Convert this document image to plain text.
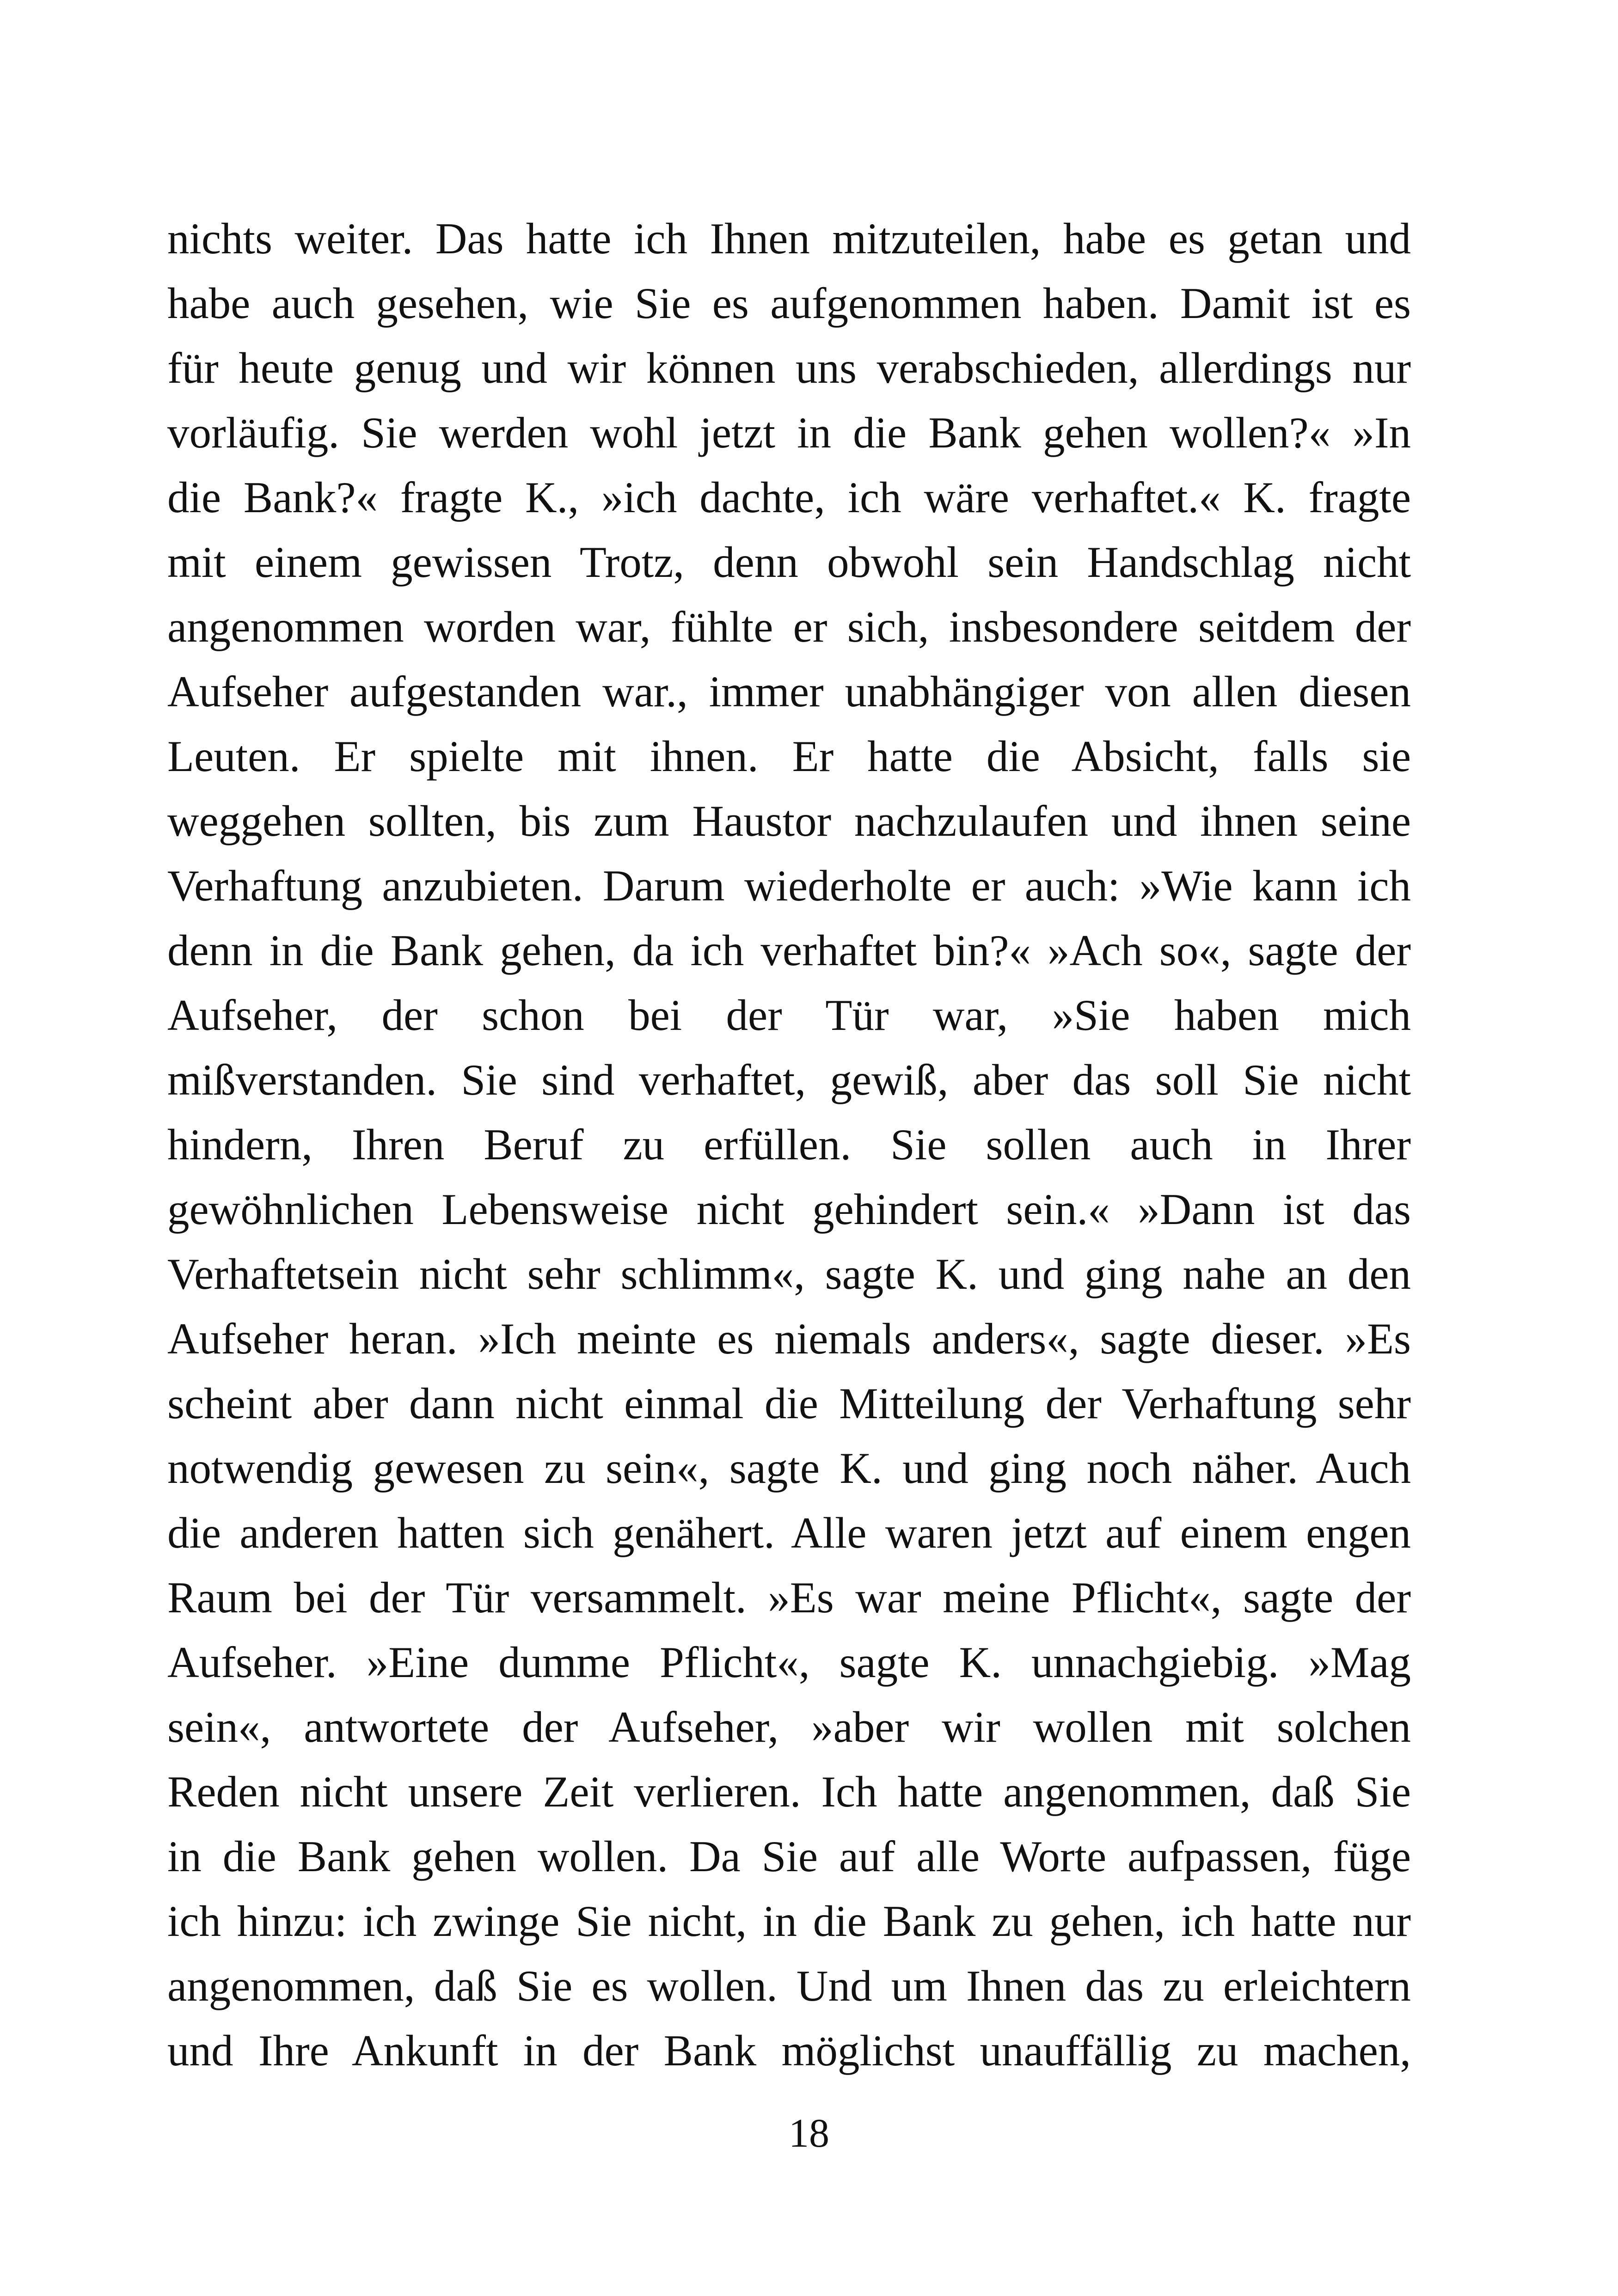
nichts weiter. Das hatte ich Ihnen mitzuteilen, habe es getan und
habe auch gesehen, wie Sie es aufgenommen haben. Damit ist es
für heute genug und wir können uns verabschieden, allerdings nur
vorläufig. Sie werden wohl jetzt in die Bank gehen wollen?« »In
die Bank?« fragte K., »ich dachte, ich wäre verhaftet.« K. fragte
mit einem gewissen Trotz, denn obwohl sein Handschlag nicht
angenommen worden war, fühlte er sich, insbesondere seitdem der
Aufseher aufgestanden war., immer unabhängiger von allen diesen
Leuten. Er spielte mit ihnen. Er hatte die Absicht, falls sie
weggehen sollten, bis zum Haustor nachzulaufen und ihnen seine
Verhaftung anzubieten. Darum wiederholte er auch: »Wie kann ich
denn in die Bank gehen, da ich verhaftet bin?« »Ach so«, sagte der
Aufseher, der schon bei der Tür war, »Sie haben mich
mißverstanden. Sie sind verhaftet, gewiß, aber das soll Sie nicht
hindern, Ihren Beruf zu erfüllen. Sie sollen auch in Ihrer
gewöhnlichen Lebensweise nicht gehindert sein.« »Dann ist das
Verhaftetsein nicht sehr schlimm«, sagte K. und ging nahe an den
Aufseher heran. »Ich meinte es niemals anders«, sagte dieser. »Es
scheint aber dann nicht einmal die Mitteilung der Verhaftung sehr
notwendig gewesen zu sein«, sagte K. und ging noch näher. Auch
die anderen hatten sich genähert. Alle waren jetzt auf einem engen
Raum bei der Tür versammelt. »Es war meine Pflicht«, sagte der
Aufseher. »Eine dumme Pflicht«, sagte K. unnachgiebig. »Mag
sein«, antwortete der Aufseher, »aber wir wollen mit solchen
Reden nicht unsere Zeit verlieren. Ich hatte angenommen, daß Sie
in die Bank gehen wollen. Da Sie auf alle Worte aufpassen, füge
ich hinzu: ich zwinge Sie nicht, in die Bank zu gehen, ich hatte nur
angenommen, daß Sie es wollen. Und um Ihnen das zu erleichtern
und Ihre Ankunft in der Bank möglichst unauffällig zu machen,
18
